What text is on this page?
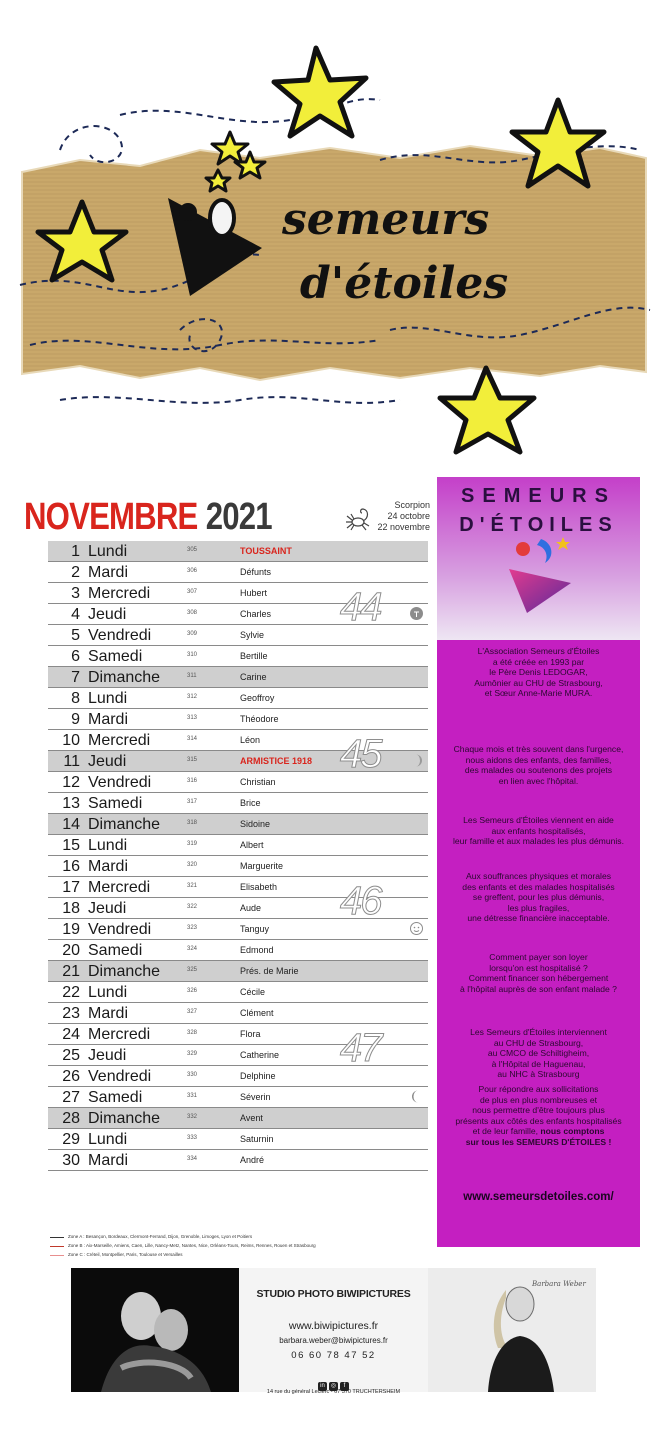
semeurs
d'étoiles
NOVEMBRE 2021	Scorpion
24 octobre
22 novembre
1 Lundi	305	TOUSSAINT
2 Mardi	306	Défunts
3 Mercredi	307	Hubert
4 Jeudi	308	Charles
5 Vendredi	309	Sylvie
6 Samedi	310	Bertille
7 Dimanche	311	Carine
8 Lundi	312	Geoffroy
9 Mardi	313	Théodore
10 Mercredi	314	Léon
11 Jeudi	315	ARMISTICE 1918
12 Vendredi	316	Christian
13 Samedi	317	Brice
14 Dimanche	318	Sidoine
15 Lundi	319	Albert
16 Mardi	320	Marguerite
17 Mercredi	321	Elisabeth
18 Jeudi	322	Aude
19 Vendredi	323	Tanguy
20 Samedi	324	Edmond
21 Dimanche	325	Prés. de Marie
22 Lundi	326	Cécile
23 Mardi	327	Clément
24 Mercredi	328	Flora
25 Jeudi	329	Catherine
26 Vendredi	330	Delphine
27 Samedi	331	Séverin
28 Dimanche	332	Avent
29 Lundi	333	Saturnin
30 Mardi	334	André
44
45
46
47
SEMEURS
D'ÉTOILES
L'Association Semeurs d'Étoiles
a été créée en 1993 par
le Père Denis LEDOGAR,
Aumônier au CHU de Strasbourg,
et Sœur Anne-Marie MURA.
Chaque mois et très souvent dans l'urgence,
nous aidons des enfants, des familles,
des malades ou soutenons des projets
en lien avec l'hôpital.
Les Semeurs d'Étoiles viennent en aide
aux enfants hospitalisés,
leur famille et aux malades les plus démunis.
Aux souffrances physiques et morales
des enfants et des malades hospitalisés
se greffent, pour les plus démunis,
les plus fragiles,
une détresse financière inacceptable.
Comment payer son loyer
lorsqu'on est hospitalisé ?
Comment financer son hébergement
à l'hôpital auprès de son enfant malade ?
Les Semeurs d'Étoiles interviennent
au CHU de Strasbourg,
au CMCO de Schiltigheim,
à l'Hôpital de Haguenau,
au NHC à Strasbourg
Pour répondre aux sollicitations
de plus en plus nombreuses et
nous permettre d'être toujours plus
présents aux côtés des enfants hospitalisés
et de leur famille, nous comptons
sur tous les SEMEURS D'ÉTOILES !
www.semeursdetoiles.com/
Zone A : Besançon, Bordeaux, Clermont-Ferrand, Dijon, Grenoble, Limoges, Lyon et Poitiers
Zone B : Aix-Marseille, Amiens, Caen, Lille, Nancy-Metz, Nantes, Nice, Orléans-Tours, Reims, Rennes, Rouen et Strasbourg
Zone C : Créteil, Montpellier, Paris, Toulouse et Versailles
STUDIO PHOTO BIWIPICTURES
www.biwipictures.fr
barbara.weber@biwipictures.fr
06 60 78 47 52
in ◎ f
14 rue du général Leclerc - 67 370 TRUCHTERSHEIM
Barbara Weber
